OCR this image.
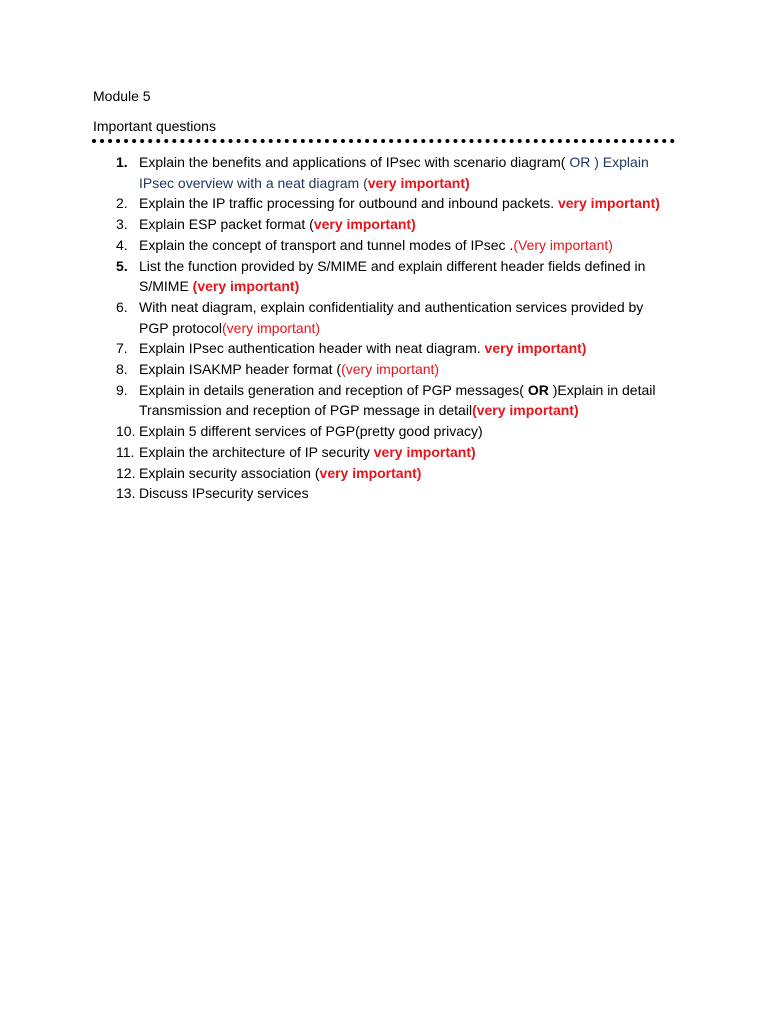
Module 5
Important questions
1. Explain the benefits and applications of IPsec with scenario diagram( OR ) Explain IPsec overview with a neat diagram (very important)
2. Explain the IP traffic processing for outbound and inbound packets. very important)
3. Explain ESP packet format (very important)
4. Explain the concept of transport and tunnel modes of IPsec .(Very important)
5. List the function provided by S/MIME and explain different header fields defined in S/MIME (very important)
6. With neat diagram, explain confidentiality and authentication services provided by PGP protocol(very important)
7. Explain IPsec authentication header with neat diagram. very important)
8. Explain ISAKMP header format ((very important)
9. Explain in details generation and reception of PGP messages( OR )Explain in detail Transmission and reception of PGP message in detail(very important)
10. Explain 5 different services of PGP(pretty good privacy)
11. Explain the architecture of IP security very important)
12. Explain security association (very important)
13. Discuss IPsecurity services
